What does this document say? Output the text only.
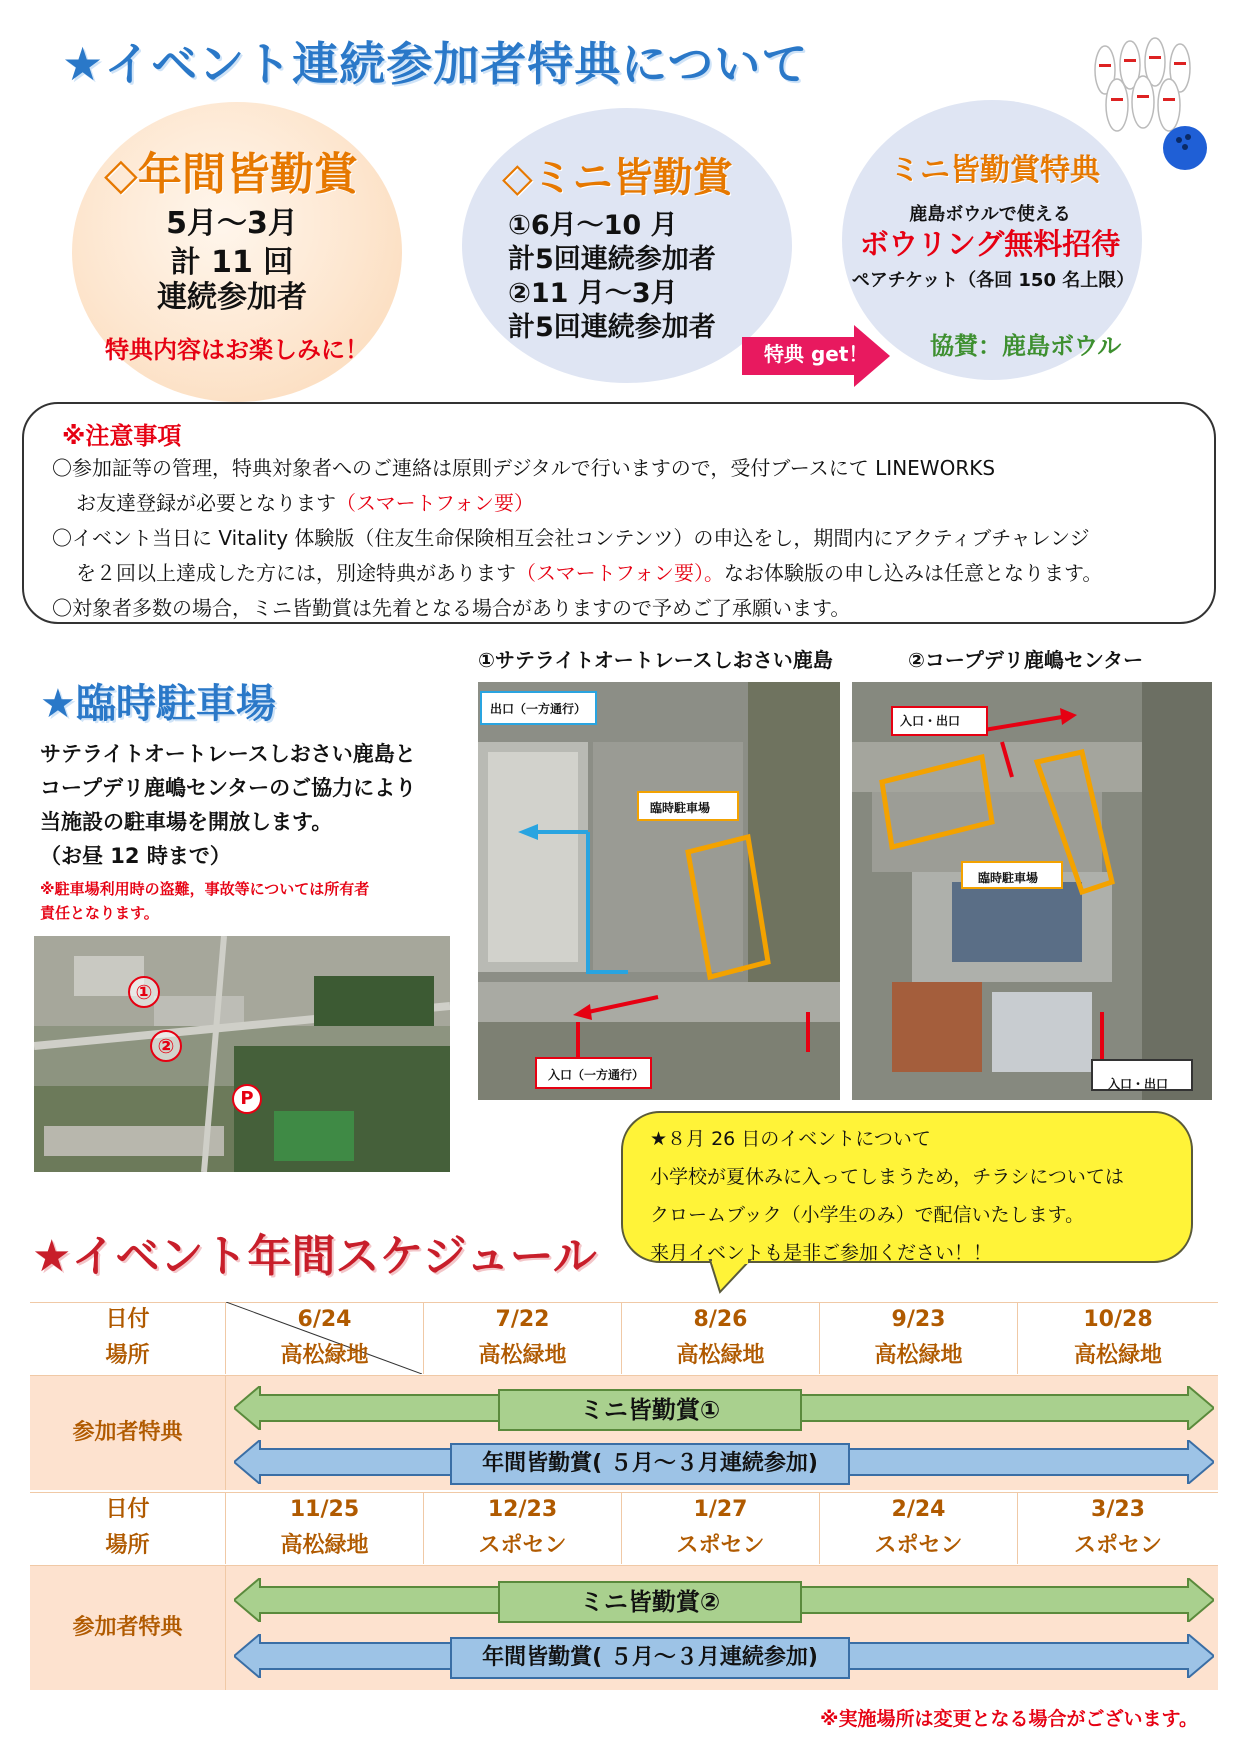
★イベント連続参加者特典について
◇年間皆勤賞
5月～3月
計 11 回
連続参加者
特典内容はお楽しみに！
◇ミニ皆勤賞
①6月～10 月
計5回連続参加者
②11 月～3月
計5回連続参加者
特典 get！
ミニ皆勤賞特典
鹿島ボウルで使える
ボウリング無料招待
ペアチケット（各回 150 名上限）
協賛：鹿島ボウル
※注意事項
〇参加証等の管理，特典対象者へのご連絡は原則デジタルで行いますので，受付ブースにて LINEWORKS
お友達登録が必要となります（スマートフォン要）
〇イベント当日に Vitality 体験版（住友生命保険相互会社コンテンツ）の申込をし，期間内にアクティブチャレンジ
を２回以上達成した方には，別途特典があります（スマートフォン要）。なお体験版の申し込みは任意となります。
〇対象者多数の場合，ミニ皆勤賞は先着となる場合がありますので予めご了承願います。
★臨時駐車場
サテライトオートレースしおさい鹿島と
コープデリ鹿嶋センターのご協力により
当施設の駐車場を開放します。
（お昼 12 時まで）
※駐車場利用時の盗難，事故等については所有者
責任となります。
①
②
P
①サテライトオートレースしおさい鹿島	②コープデリ鹿嶋センター
出口（一方通行）
臨時駐車場
入口（一方通行）
入口・出口
臨時駐車場
入口・出口
★８月 26 日のイベントについて
小学校が夏休みに入ってしまうため，チラシについては
クロームブック（小学生のみ）で配信いたします。
来月イベントも是非ご参加ください！！
★イベント年間スケジュール
日付
場所
6/24
高松緑地
7/22
高松緑地
8/26
高松緑地
9/23
高松緑地
10/28
高松緑地
参加者特典
ミニ皆勤賞①
年間皆勤賞( ５月～３月連続参加)
日付
場所
11/25
高松緑地
12/23
スポセン
1/27
スポセン
2/24
スポセン
3/23
スポセン
参加者特典
ミニ皆勤賞②
年間皆勤賞( ５月～３月連続参加)
※実施場所は変更となる場合がございます。
